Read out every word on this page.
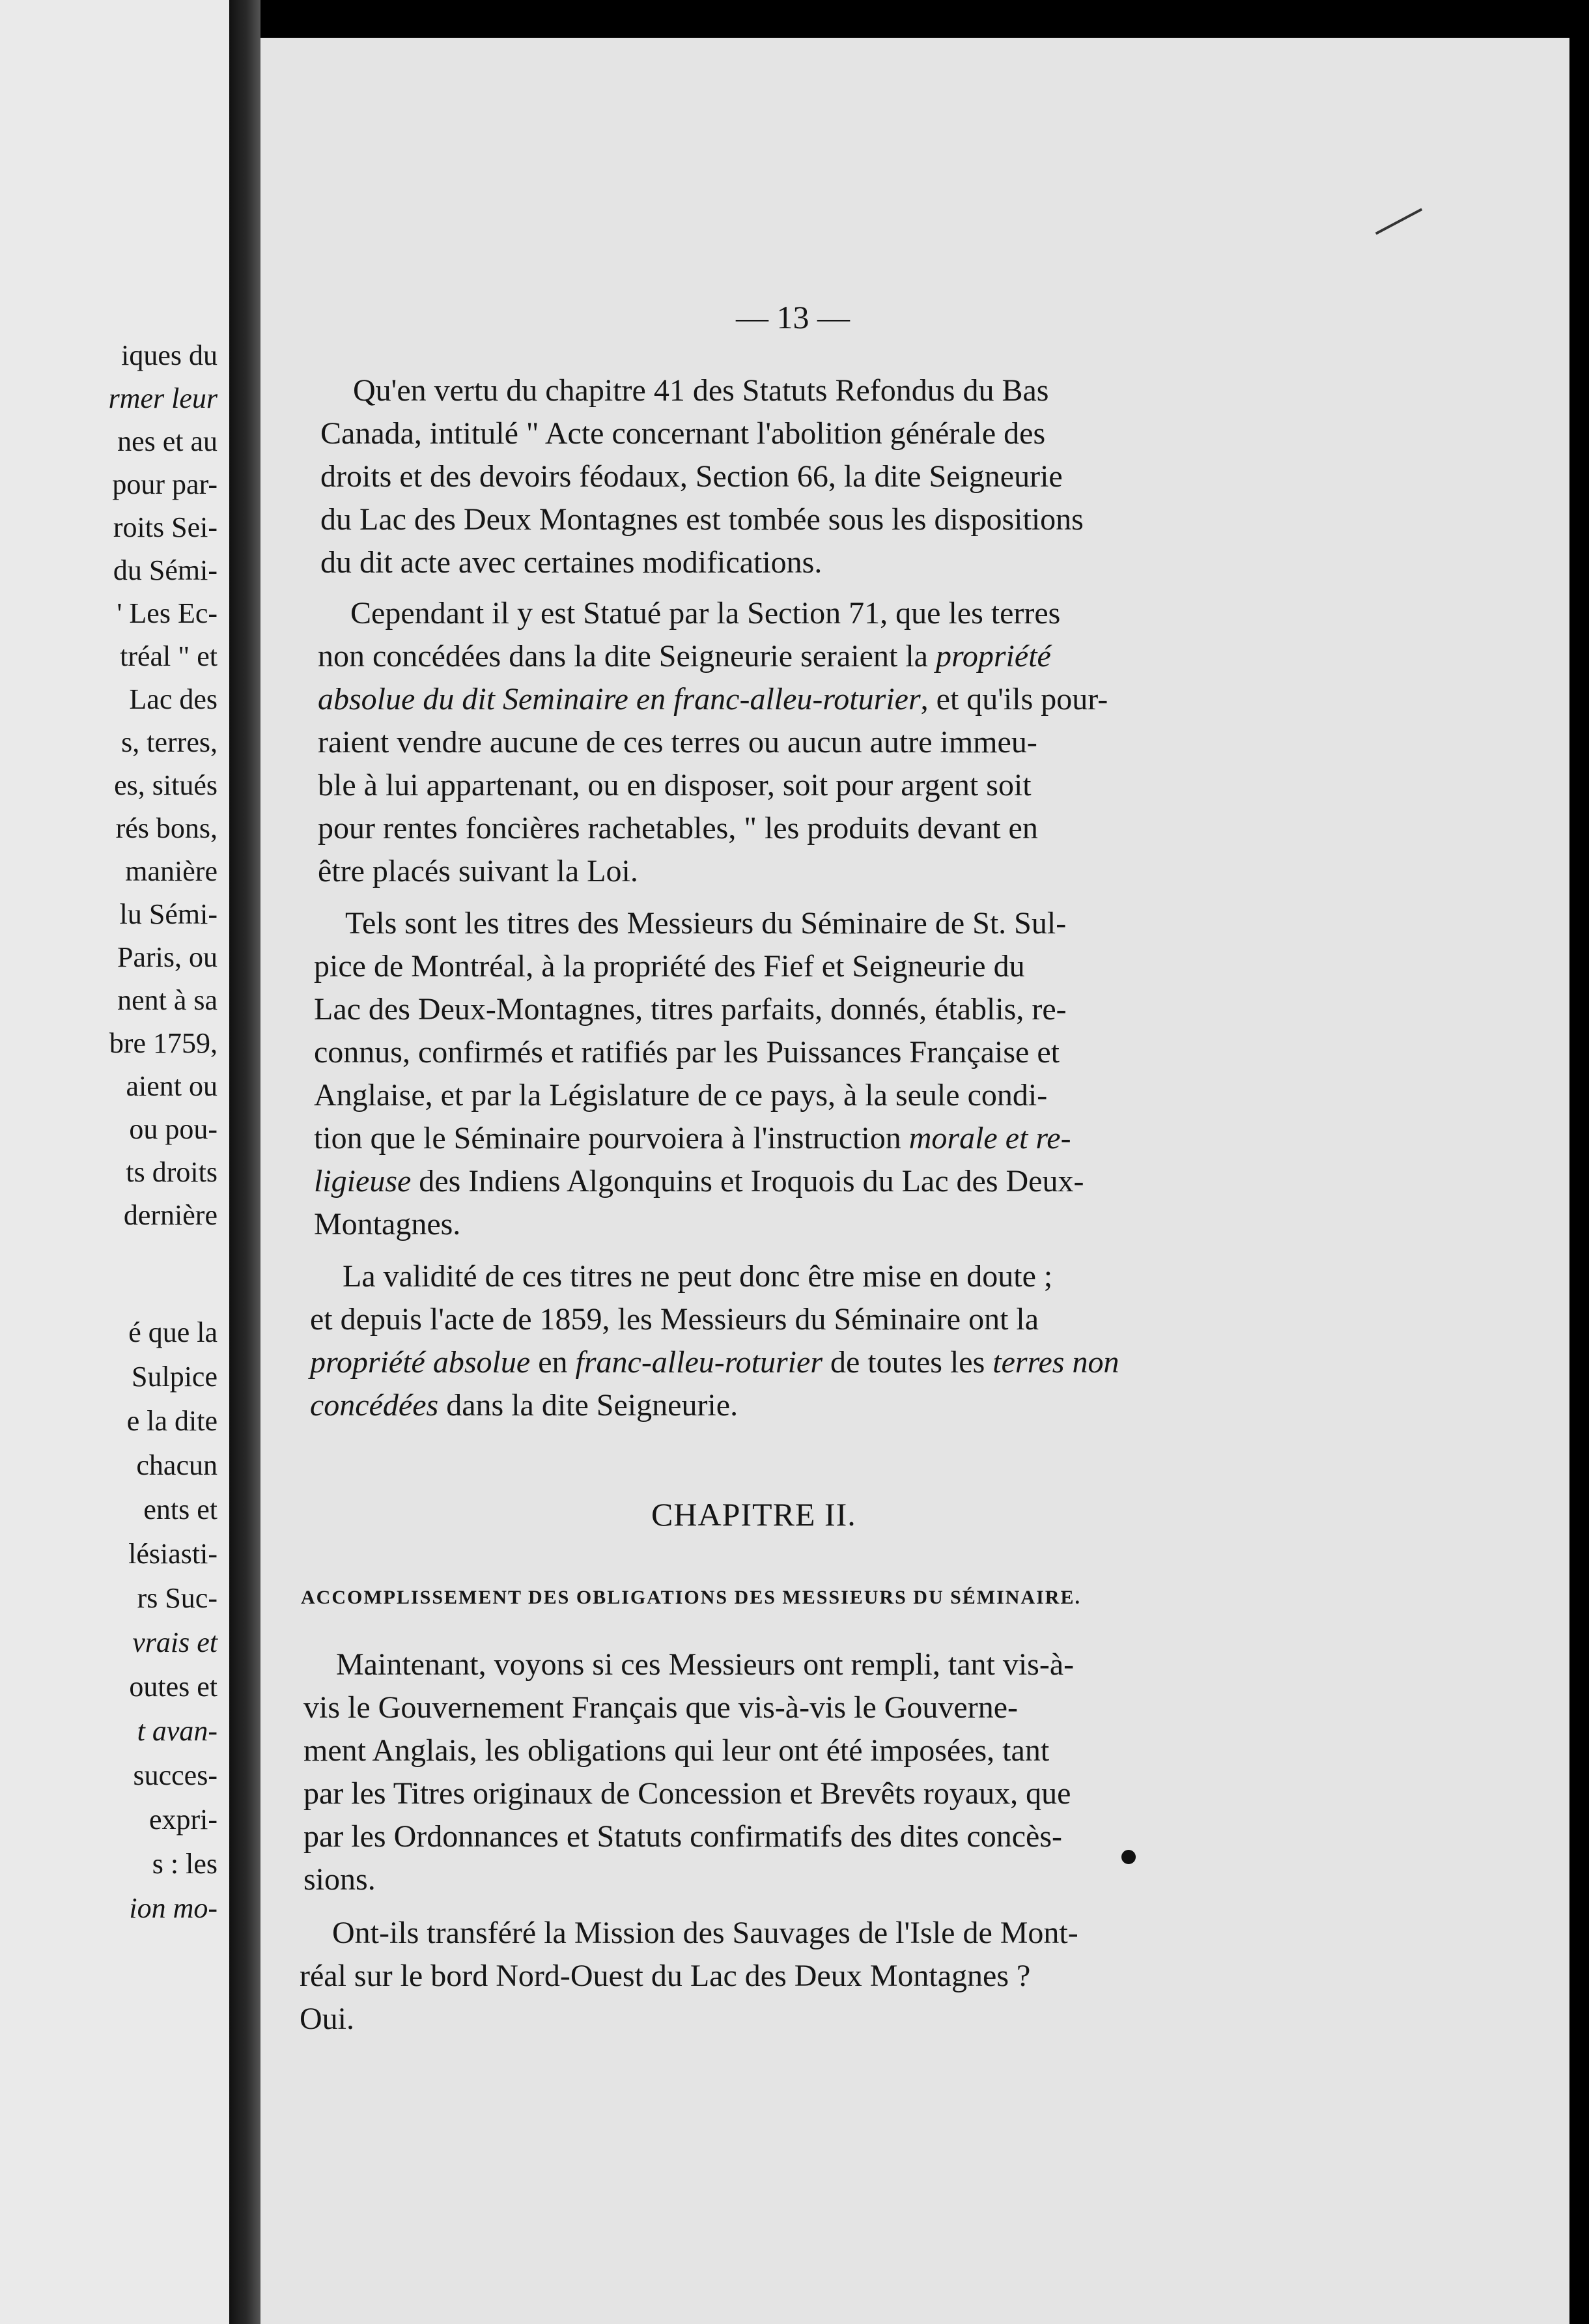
iques du
rmer leur
nes et au
pour par-
roits Sei-
du Sémi-
' Les Ec-
tréal " et
Lac des
s, terres,
es, situés
rés bons,
manière
lu Sémi-
Paris, ou
nent à sa
bre 1759,
aient ou
ou pou-
ts droits
dernière
é que la
Sulpice
e la dite
chacun
ents et
lésiasti-
rs Suc-
vrais et
outes et
t avan-
succes-
expri-
s : les
ion mo-
— 13 —
Qu'en vertu du chapitre 41 des Statuts Refondus du Bas
Canada, intitulé " Acte concernant l'abolition générale des
droits et des devoirs féodaux, Section 66, la dite Seigneurie
du Lac des Deux Montagnes est tombée sous les dispositions
du dit acte avec certaines modifications.
Cependant il y est Statué par la Section 71, que les terres
non concédées dans la dite Seigneurie seraient la propriété
absolue du dit Seminaire en franc-alleu-roturier, et qu'ils pour-
raient vendre aucune de ces terres ou aucun autre immeu-
ble à lui appartenant, ou en disposer, soit pour argent soit
pour rentes foncières rachetables, " les produits devant en
être placés suivant la Loi.
Tels sont les titres des Messieurs du Séminaire de St. Sul-
pice de Montréal, à la propriété des Fief et Seigneurie du
Lac des Deux-Montagnes, titres parfaits, donnés, établis, re-
connus, confirmés et ratifiés par les Puissances Française et
Anglaise, et par la Législature de ce pays, à la seule condi-
tion que le Séminaire pourvoiera à l'instruction morale et re-
ligieuse des Indiens Algonquins et Iroquois du Lac des Deux-
Montagnes.
La validité de ces titres ne peut donc être mise en doute ;
et depuis l'acte de 1859, les Messieurs du Séminaire ont la
propriété absolue en franc-alleu-roturier de toutes les terres non
concédées dans la dite Seigneurie.
CHAPITRE II.
ACCOMPLISSEMENT DES OBLIGATIONS DES MESSIEURS DU SÉMINAIRE.
Maintenant, voyons si ces Messieurs ont rempli, tant vis-à-
vis le Gouvernement Français que vis-à-vis le Gouverne-
ment Anglais, les obligations qui leur ont été imposées, tant
par les Titres originaux de Concession et Brevêts royaux, que
par les Ordonnances et Statuts confirmatifs des dites concès-
sions.
Ont-ils transféré la Mission des Sauvages de l'Isle de Mont-
réal sur le bord Nord-Ouest du Lac des Deux Montagnes ?
Oui.
